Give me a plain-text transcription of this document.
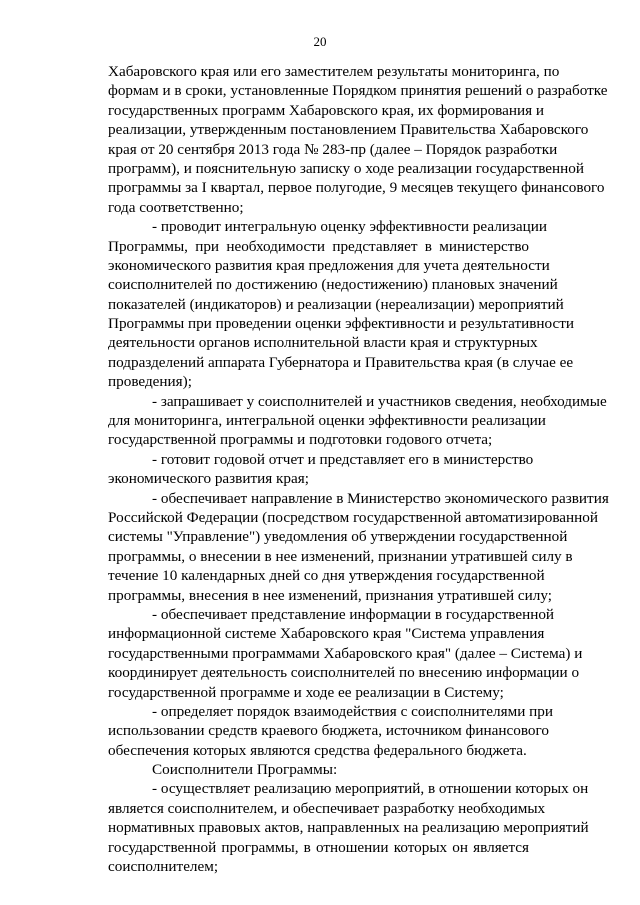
20
Хабаровского края или его заместителем результаты мониторинга, по
формам и в сроки, установленные Порядком принятия решений о разработке
государственных программ Хабаровского края, их формирования и
реализации, утвержденным постановлением Правительства Хабаровского
края от 20 сентября 2013 года № 283-пр (далее – Порядок разработки
программ), и пояснительную записку о ходе реализации государственной
программы за I квартал, первое полугодие, 9 месяцев текущего финансового
года соответственно;
- проводит интегральную оценку эффективности реализации
Программы, при необходимости представляет в министерство
экономического развития края предложения для учета деятельности
соисполнителей по достижению (недостижению) плановых значений
показателей (индикаторов) и реализации (нереализации) мероприятий
Программы при проведении оценки эффективности и результативности
деятельности органов исполнительной власти края и структурных
подразделений аппарата Губернатора и Правительства края (в случае ее
проведения);
- запрашивает у соисполнителей и участников сведения, необходимые
для мониторинга, интегральной оценки эффективности реализации
государственной программы и подготовки годового отчета;
- готовит годовой отчет и представляет его в министерство
экономического развития края;
- обеспечивает направление в Министерство экономического развития
Российской Федерации (посредством государственной автоматизированной
системы "Управление") уведомления об утверждении государственной
программы, о внесении в нее изменений, признании утратившей силу в
течение 10 календарных дней со дня утверждения государственной
программы, внесения в нее изменений, признания утратившей силу;
- обеспечивает представление информации в государственной
информационной системе Хабаровского края "Система управления
государственными программами Хабаровского края" (далее – Система) и
координирует деятельность соисполнителей по внесению информации о
государственной программе и ходе ее реализации в Систему;
- определяет порядок взаимодействия с соисполнителями при
использовании средств краевого бюджета, источником финансового
обеспечения которых являются средства федерального бюджета.
Соисполнители Программы:
- осуществляет реализацию мероприятий, в отношении которых он
является соисполнителем, и обеспечивает разработку необходимых
нормативных правовых актов, направленных на реализацию мероприятий
государственной программы, в отношении которых он является
соисполнителем;
